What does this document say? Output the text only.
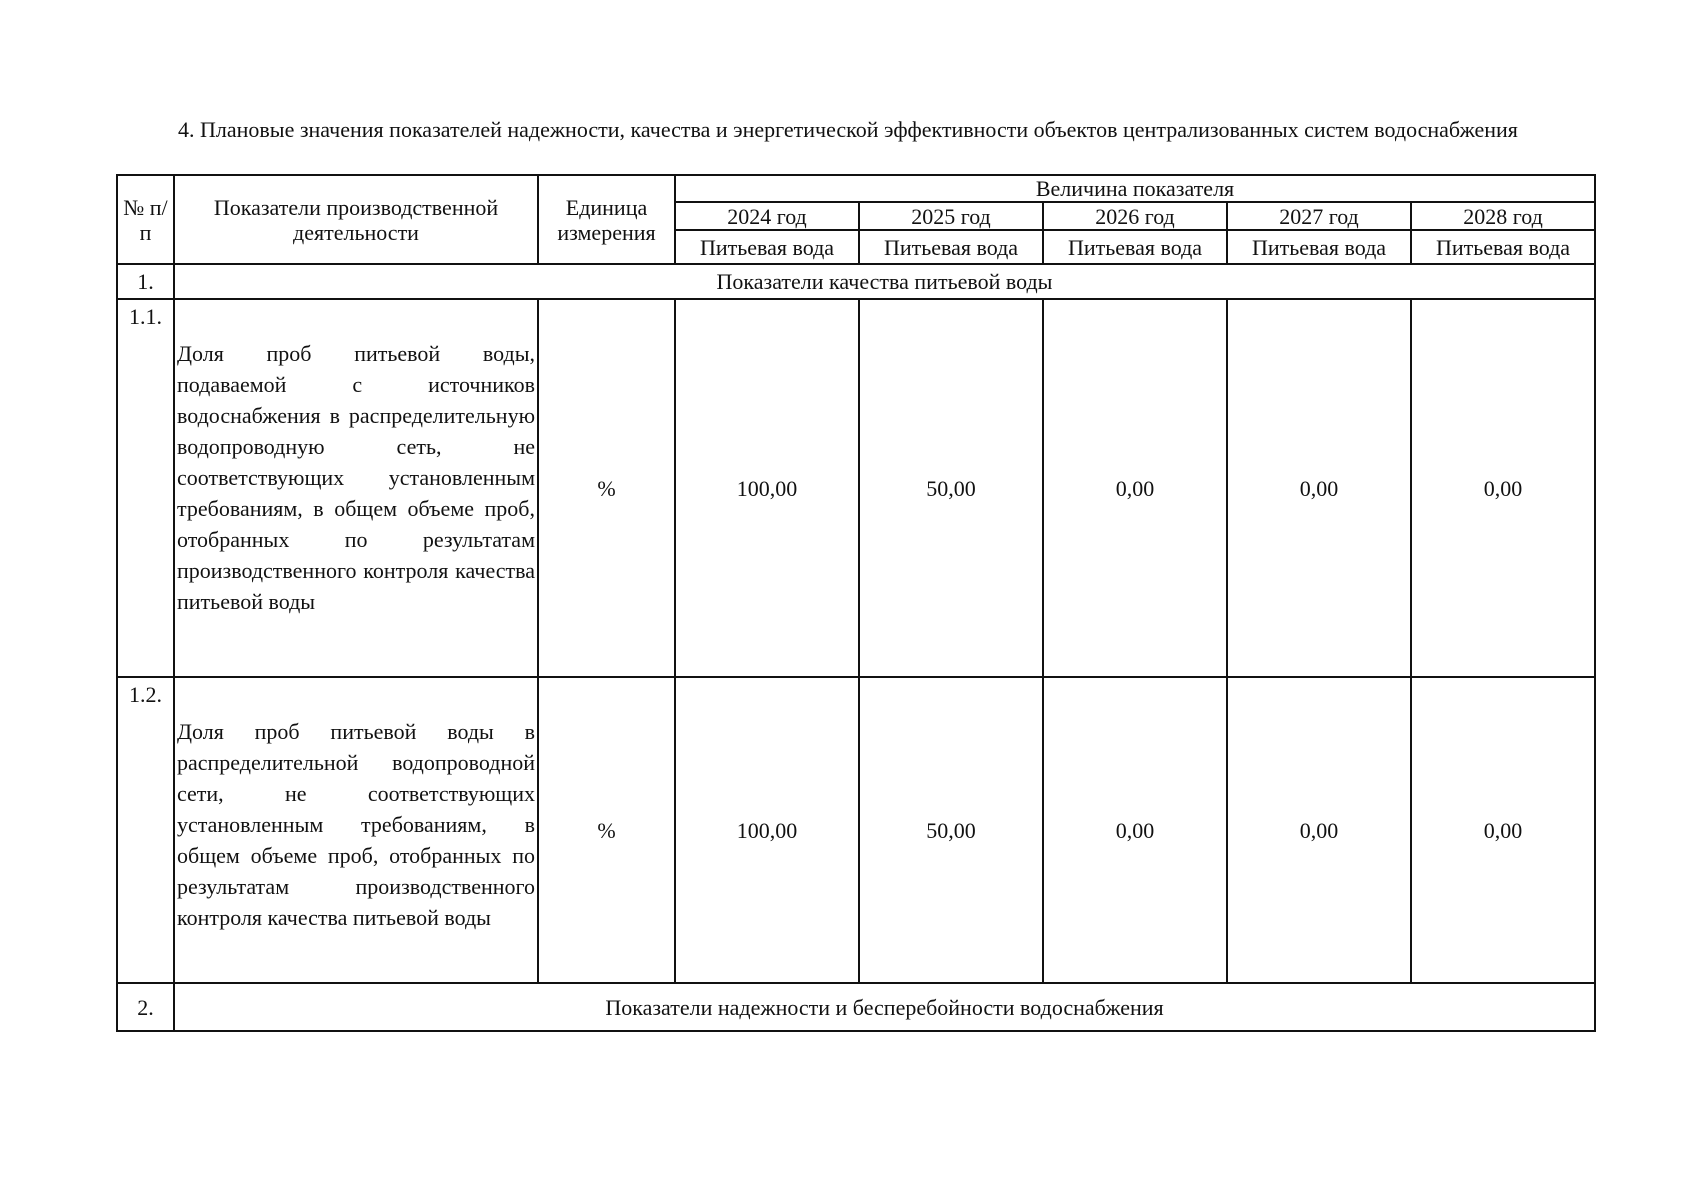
4. Плановые значения показателей надежности, качества и энергетической эффективности объектов централизованных систем водоснабжения

№ п/п	Показатели производственной деятельности	Единица измерения	Величина показателя				
			2024 год	2025 год	2026 год	2027 год	2028 год
			Питьевая вода	Питьевая вода	Питьевая вода	Питьевая вода	Питьевая вода
1.	Показатели качества питьевой воды						
1.1.	Доля проб питьевой воды, подаваемой с источников водоснабжения в распределительную водопроводную сеть, не соответствующих установленным требованиям, в общем объеме проб, отобранных по результатам производственного контроля качества питьевой воды	%	100,00	50,00	0,00	0,00	0,00
1.2.	Доля проб питьевой воды в распределительной водопроводной сети, не соответствующих установленным требованиям, в общем объеме проб, отобранных по результатам производственного контроля качества питьевой воды	%	100,00	50,00	0,00	0,00	0,00
2.	Показатели надежности и бесперебойности водоснабжения						
